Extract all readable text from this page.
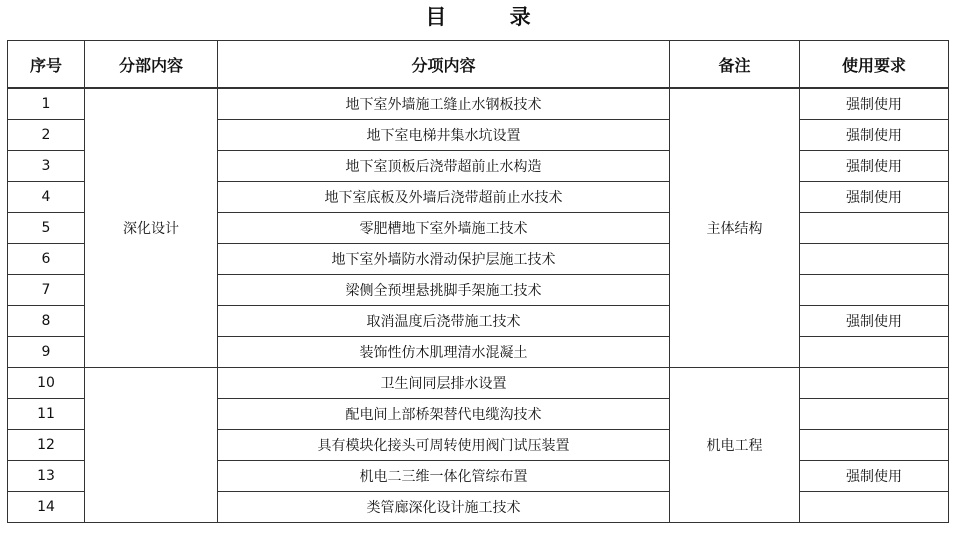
目 录
序号	分部内容	分项内容	备注	使用要求
1	深化设计	地下室外墙施工缝止水钢板技术	主体结构	强制使用
2		地下室电梯井集水坑设置		强制使用
3		地下室顶板后浇带超前止水构造		强制使用
4		地下室底板及外墙后浇带超前止水技术		强制使用
5		零肥槽地下室外墙施工技术		
6		地下室外墙防水滑动保护层施工技术		
7		梁侧全预埋悬挑脚手架施工技术		
8		取消温度后浇带施工技术		强制使用
9		装饰性仿木肌理清水混凝土		
10		卫生间同层排水设置	机电工程	
11		配电间上部桥架替代电缆沟技术		
12		具有模块化接头可周转使用阀门试压装置		
13		机电二三维一体化管综布置		强制使用
14		类管廊深化设计施工技术		
